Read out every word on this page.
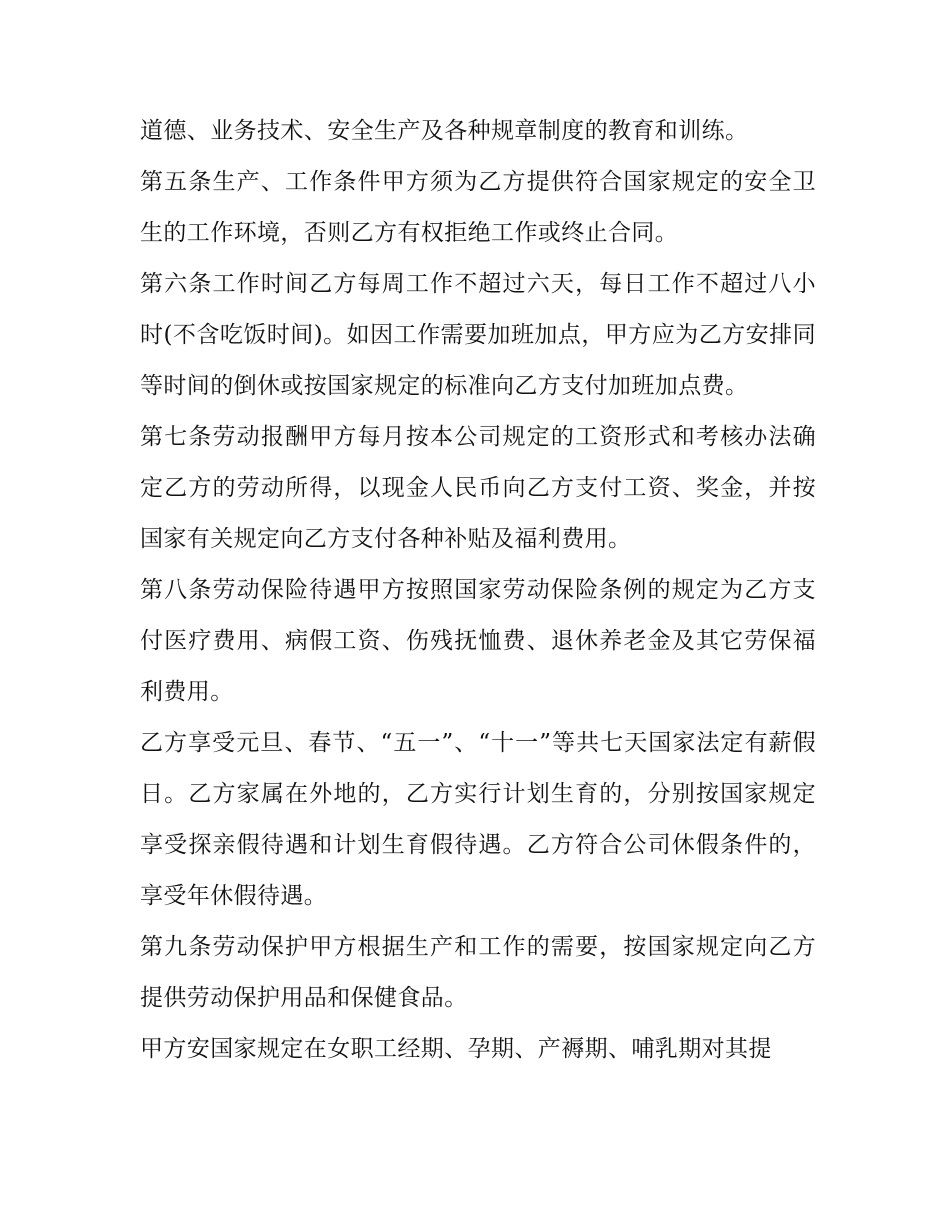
道德、业务技术、安全生产及各种规章制度的教育和训练。

第五条生产、工作条件甲方须为乙方提供符合国家规定的安全卫生的工作环境，否则乙方有权拒绝工作或终止合同。

第六条工作时间乙方每周工作不超过六天，每日工作不超过八小时(不含吃饭时间)。如因工作需要加班加点，甲方应为乙方安排同等时间的倒休或按国家规定的标准向乙方支付加班加点费。

第七条劳动报酬甲方每月按本公司规定的工资形式和考核办法确定乙方的劳动所得，以现金人民币向乙方支付工资、奖金，并按国家有关规定向乙方支付各种补贴及福利费用。

第八条劳动保险待遇甲方按照国家劳动保险条例的规定为乙方支付医疗费用、病假工资、伤残抚恤费、退休养老金及其它劳保福利费用。

乙方享受元旦、春节、“五一”、“十一”等共七天国家法定有薪假日。乙方家属在外地的，乙方实行计划生育的，分别按国家规定享受探亲假待遇和计划生育假待遇。乙方符合公司休假条件的，享受年休假待遇。

第九条劳动保护甲方根据生产和工作的需要，按国家规定向乙方提供劳动保护用品和保健食品。

甲方安国家规定在女职工经期、孕期、产褥期、哺乳期对其提
